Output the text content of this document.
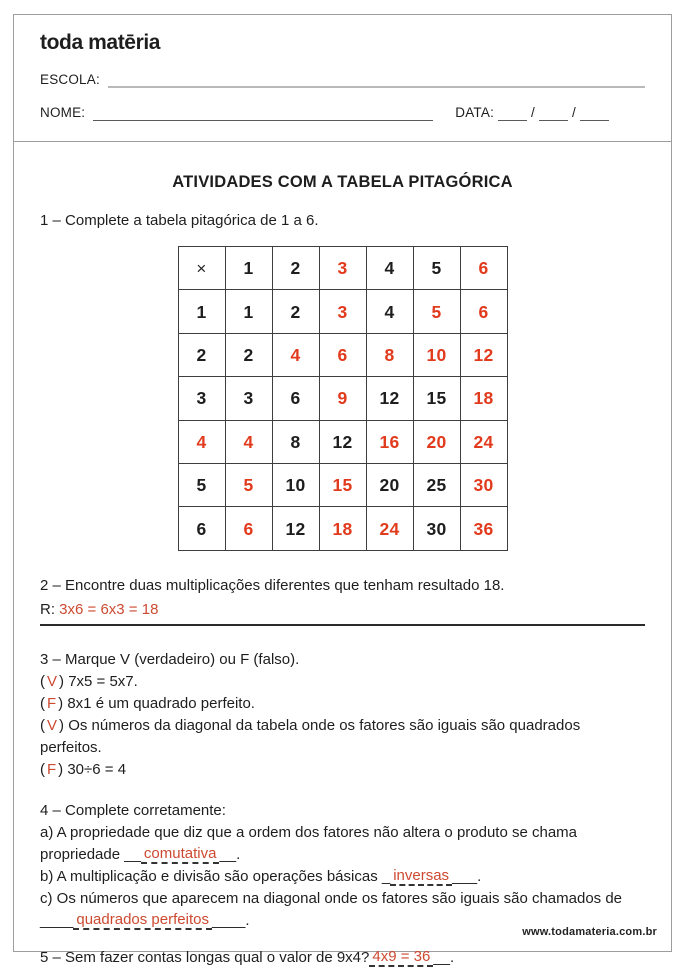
toda matēria
ESCOLA:
NOME:	DATA:	/	/
ATIVIDADES COM A TABELA PITAGÓRICA
1 – Complete a tabela pitagórica de 1 a 6.
×	1	2	3	4	5	6
1	1	2	3	4	5	6
2	2	4	6	8	10	12
3	3	6	9	12	15	18
4	4	8	12	16	20	24
5	5	10	15	20	25	30
6	6	12	18	24	30	36
2 – Encontre duas multiplicações diferentes que tenham resultado 18.
R: 3x6 = 6x3 = 18
3 – Marque V (verdadeiro) ou F (falso).
( V ) 7x5 = 5x7.
( F ) 8x1 é um quadrado perfeito.
( V ) Os números da diagonal da tabela onde os fatores são iguais são quadrados perfeitos.
( F ) 30÷6 = 4
4 – Complete corretamente:
a) A propriedade que diz que a ordem dos fatores não altera o produto se chama propriedade __ comutativa __.
b) A multiplicação e divisão são operações básicas _ inversas ___.
c) Os números que aparecem na diagonal onde os fatores são iguais são chamados de ____ quadrados perfeitos ____.
5 – Sem fazer contas longas qual o valor de 9x4? 4x9 = 36 __.
www.todamateria.com.br
